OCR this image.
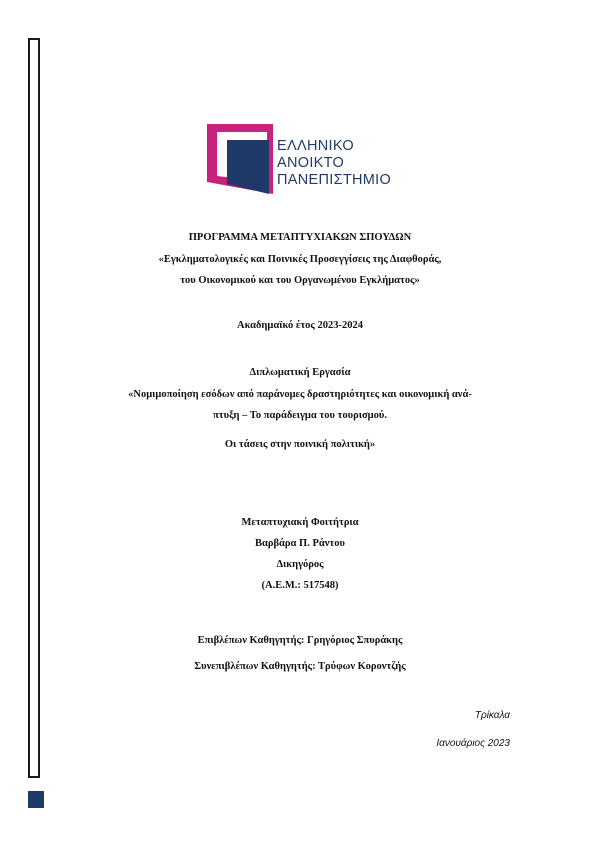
ΕΛΛΗΝΙΚΟ
ΑΝΟΙΚΤΟ
ΠΑΝΕΠΙΣΤΗΜΙΟ
ΠΡΟΓΡΑΜΜΑ ΜΕΤΑΠΤΥΧΙΑΚΩΝ ΣΠΟΥΔΩΝ
«Εγκληματολογικές και Ποινικές Προσεγγίσεις της Διαφθοράς,
του Οικονομικού και του Οργανωμένου Εγκλήματος»
Ακαδημαϊκό έτος 2023-2024
Διπλωματική Εργασία
«Νομιμοποίηση εσόδων από παράνομες δραστηριότητες και οικονομική ανά-
πτυξη – Το παράδειγμα του τουρισμού.
Οι τάσεις στην ποινική πολιτική»
Μεταπτυχιακή Φοιτήτρια
Βαρβάρα Π. Ράντου
Δικηγόρος
(Α.Ε.Μ.: 517548)
Επιβλέπων Καθηγητής: Γρηγόριος Σπυράκης
Συνεπιβλέπων Καθηγητής: Τρύφων Κοροντζής
Τρίκαλα
Ιανουάριος 2023
